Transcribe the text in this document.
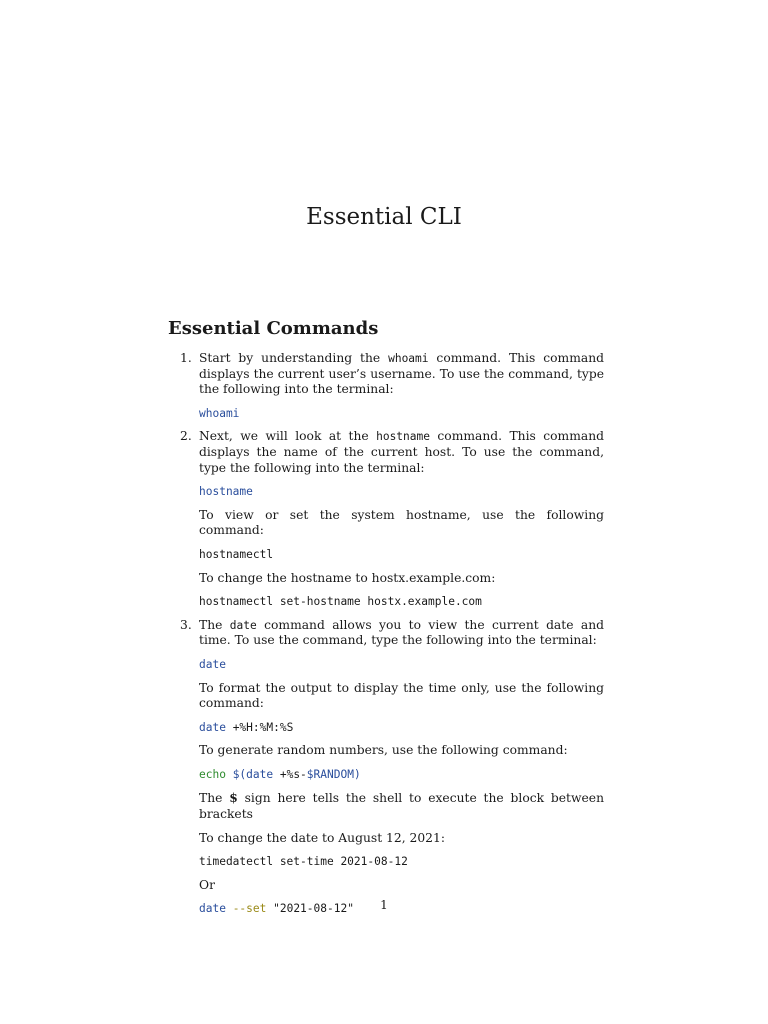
Essential CLI
Essential Commands
1. Start by understanding the whoami command. This command displays the current user’s username. To use the command, type the following into the terminal:

whoami
2. Next, we will look at the hostname command. This command displays the name of the current host. To use the command, type the following into the terminal:

hostname

To view or set the system hostname, use the following command:

hostnamectl

To change the hostname to hostx.example.com:

hostnamectl set-hostname hostx.example.com
3. The date command allows you to view the current date and time. To use the command, type the following into the terminal:

date

To format the output to display the time only, use the following command:

date +%H:%M:%S

To generate random numbers, use the following command:

echo $(date +%s-$RANDOM)

The $ sign here tells the shell to execute the block between brackets

To change the date to August 12, 2021:

timedatectl set-time 2021-08-12

Or

date --set "2021-08-12"	1
